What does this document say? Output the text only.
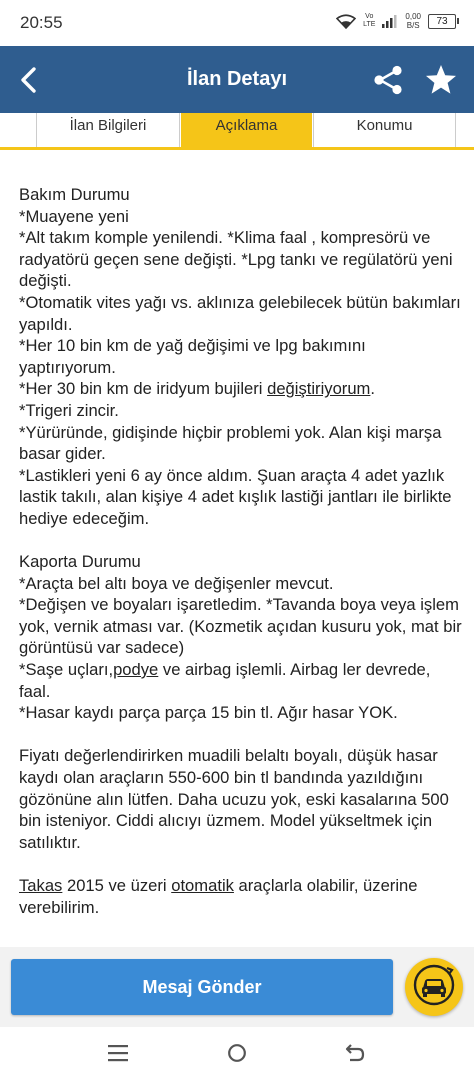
20:55	Vo
LTE
0,00
B/S	73
İlan Detayı
İlan Bilgileri	Açıklama	Konumu

Bakım Durumu

*Muayene yeni

*Alt takım komple yenilendi. *Klima faal , kompresörü ve radyatörü geçen sene değişti. *Lpg tankı ve regülatörü yeni değişti.

*Otomatik vites yağı vs. aklınıza gelebilecek bütün bakımları yapıldı.

*Her 10 bin km de yağ değişimi ve lpg bakımını yaptırıyorum.

*Her 30 bin km de iridyum bujileri değiştiriyorum.

*Trigeri zincir.

*Yürüründe, gidişinde hiçbir problemi yok. Alan kişi marşa basar gider.

*Lastikleri yeni 6 ay önce aldım. Şuan araçta 4 adet yazlık lastik takılı, alan kişiye 4 adet kışlık lastiği jantları ile birlikte hediye edeceğim.

Kaporta Durumu

*Araçta bel altı boya ve değişenler mevcut.

*Değişen ve boyaları işaretledim. *Tavanda boya veya işlem yok, vernik atması var. (Kozmetik açıdan kusuru yok, mat bir görüntüsü var sadece)

*Saşe uçları,podye ve airbag işlemli. Airbag ler devrede, faal.

*Hasar kaydı parça parça 15 bin tl. Ağır hasar YOK.

Fiyatı değerlendirirken muadili belaltı boyalı, düşük hasar kaydı olan araçların 550-600 bin tl bandında yazıldığını gözönüne alın lütfen. Daha ucuzu yok, eski kasalarına 500 bin isteniyor. Ciddi alıcıyı üzmem. Model yükseltmek için satılıktır.

Takas 2015 ve üzeri otomatik araçlarla olabilir, üzerine verebilirim.

Mesaj Gönder
